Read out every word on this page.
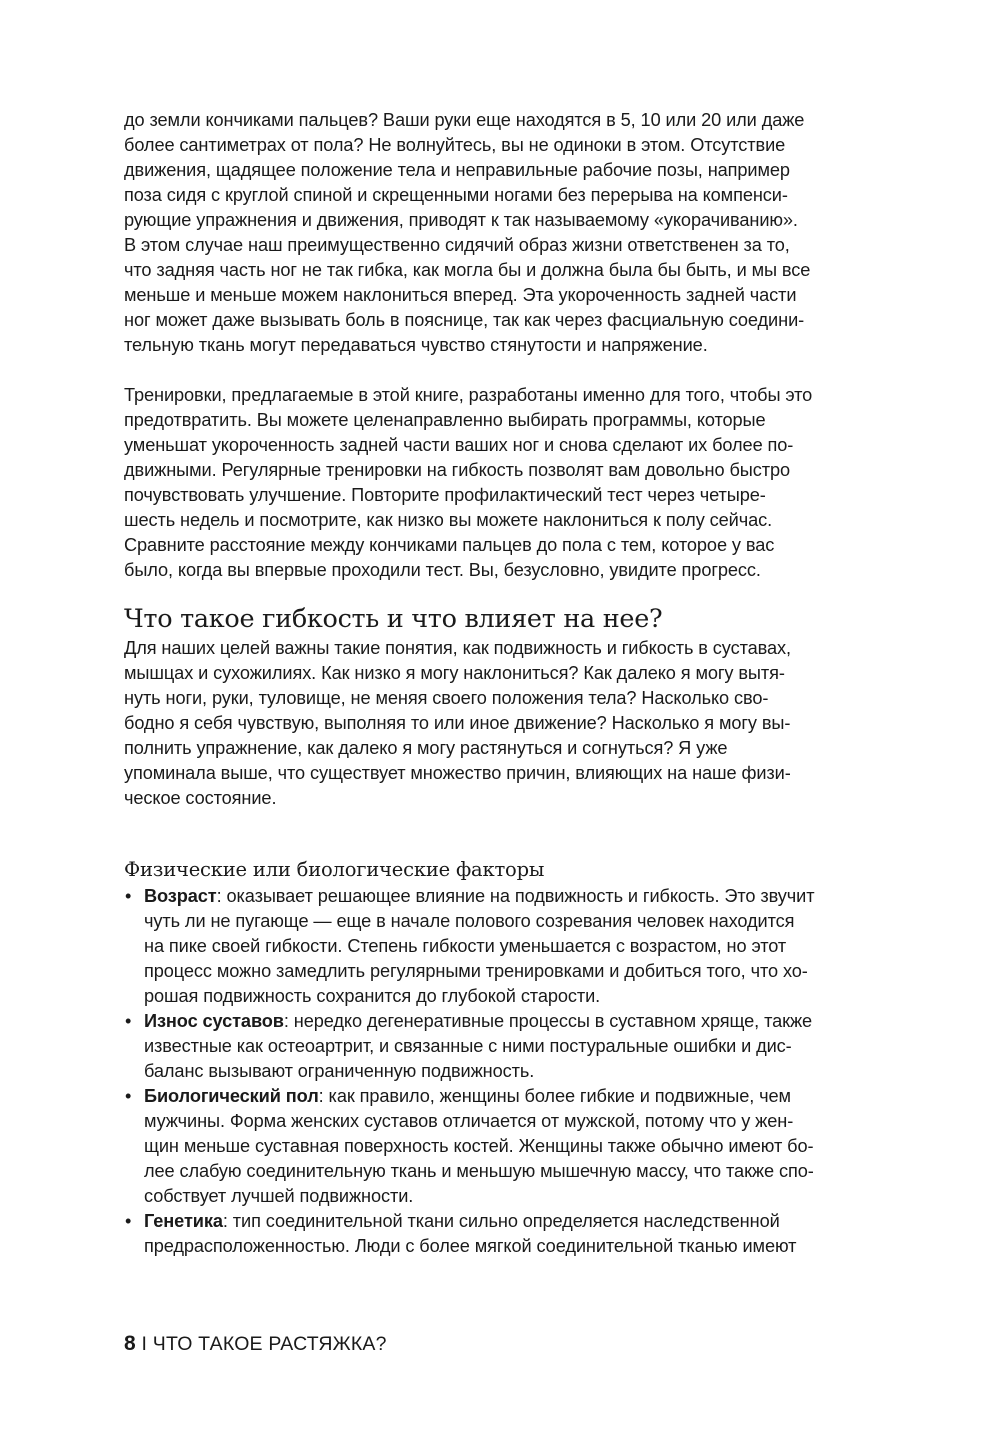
до земли кончиками пальцев? Ваши руки еще находятся в 5, 10 или 20 или даже
более сантиметрах от пола? Не волнуйтесь, вы не одиноки в этом. Отсутствие
движения, щадящее положение тела и неправильные рабочие позы, например
поза сидя с круглой спиной и скрещенными ногами без перерыва на компенси-
рующие упражнения и движения, приводят к так называемому «укорачиванию».
В этом случае наш преимущественно сидячий образ жизни ответственен за то,
что задняя часть ног не так гибка, как могла бы и должна была бы быть, и мы все
меньше и меньше можем наклониться вперед. Эта укороченность задней части
ног может даже вызывать боль в пояснице, так как через фасциальную соедини-
тельную ткань могут передаваться чувство стянутости и напряжение.

Тренировки, предлагаемые в этой книге, разработаны именно для того, чтобы это
предотвратить. Вы можете целенаправленно выбирать программы, которые
уменьшат укороченность задней части ваших ног и снова сделают их более по-
движными. Регулярные тренировки на гибкость позволят вам довольно быстро
почувствовать улучшение. Повторите профилактический тест через четыре-
шесть недель и посмотрите, как низко вы можете наклониться к полу сейчас.
Сравните расстояние между кончиками пальцев до пола с тем, которое у вас
было, когда вы впервые проходили тест. Вы, безусловно, увидите прогресс.

Что такое гибкость и что влияет на нее?

Для наших целей важны такие понятия, как подвижность и гибкость в суставах,
мышцах и сухожилиях. Как низко я могу наклониться? Как далеко я могу вытя-
нуть ноги, руки, туловище, не меняя своего положения тела? Насколько сво-
бодно я себя чувствую, выполняя то или иное движение? Насколько я могу вы-
полнить упражнение, как далеко я могу растянуться и согнуться? Я уже
упоминала выше, что существует множество причин, влияющих на наше физи-
ческое состояние.

Физические или биологические факторы
• Возраст: оказывает решающее влияние на подвижность и гибкость. Это звучит
чуть ли не пугающе — еще в начале полового созревания человек находится
на пике своей гибкости. Степень гибкости уменьшается с возрастом, но этот
процесс можно замедлить регулярными тренировками и добиться того, что хо-
рошая подвижность сохранится до глубокой старости.
• Износ суставов: нередко дегенеративные процессы в суставном хряще, также
известные как остеоартрит, и связанные с ними постуральные ошибки и дис-
баланс вызывают ограниченную подвижность.
• Биологический пол: как правило, женщины более гибкие и подвижные, чем
мужчины. Форма женских суставов отличается от мужской, потому что у жен-
щин меньше суставная поверхность костей. Женщины также обычно имеют бо-
лее слабую соединительную ткань и меньшую мышечную массу, что также спо-
собствует лучшей подвижности.
• Генетика: тип соединительной ткани сильно определяется наследственной
предрасположенностью. Люди с более мягкой соединительной тканью имеют
8 I ЧТО ТАКОЕ РАСТЯЖКА?
